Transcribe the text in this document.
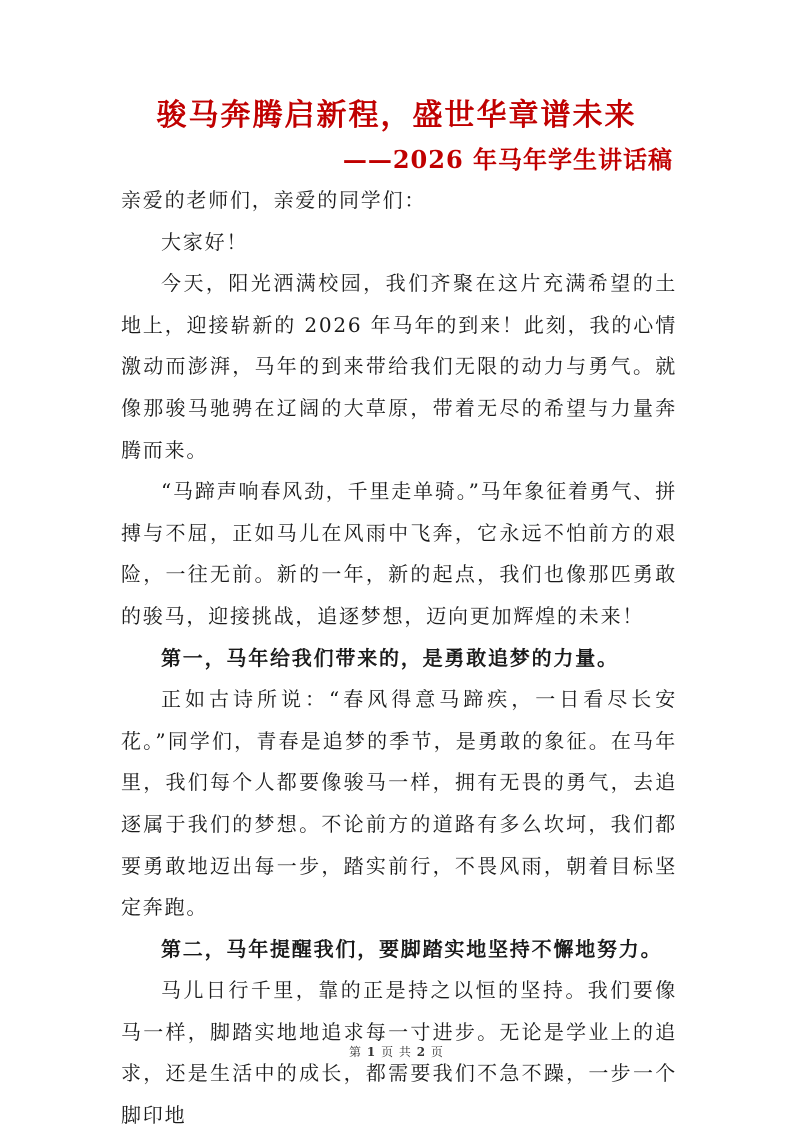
骏马奔腾启新程，盛世华章谱未来
——2026 年马年学生讲话稿

亲爱的老师们，亲爱的同学们：

大家好！

今天，阳光洒满校园，我们齐聚在这片充满希望的土地上，迎接崭新的 2026 年马年的到来！此刻，我的心情激动而澎湃，马年的到来带给我们无限的动力与勇气。就像那骏马驰骋在辽阔的大草原，带着无尽的希望与力量奔腾而来。

“马蹄声响春风劲，千里走单骑。”马年象征着勇气、拼搏与不屈，正如马儿在风雨中飞奔，它永远不怕前方的艰险，一往无前。新的一年，新的起点，我们也像那匹勇敢的骏马，迎接挑战，追逐梦想，迈向更加辉煌的未来！

第一，马年给我们带来的，是勇敢追梦的力量。

正如古诗所说：“春风得意马蹄疾，一日看尽长安花。”同学们，青春是追梦的季节，是勇敢的象征。在马年里，我们每个人都要像骏马一样，拥有无畏的勇气，去追逐属于我们的梦想。不论前方的道路有多么坎坷，我们都要勇敢地迈出每一步，踏实前行，不畏风雨，朝着目标坚定奔跑。

第二，马年提醒我们，要脚踏实地坚持不懈地努力。

马儿日行千里，靠的正是持之以恒的坚持。我们要像马一样，脚踏实地地追求每一寸进步。无论是学业上的追求，还是生活中的成长，都需要我们不急不躁，一步一个脚印地

第 1 页 共 2 页
